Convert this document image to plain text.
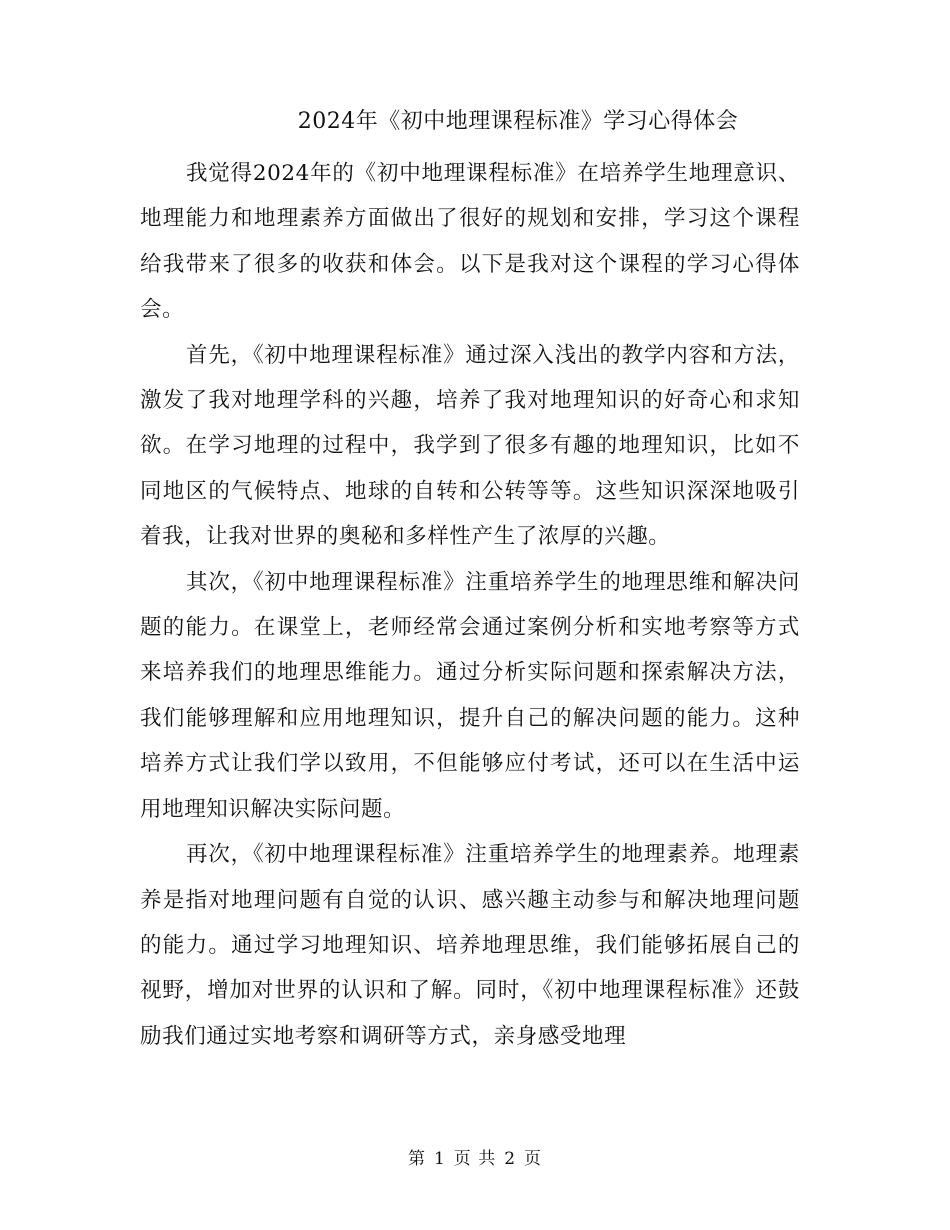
2024年《初中地理课程标准》学习心得体会

我觉得2024年的《初中地理课程标准》在培养学生地理意识、地理能力和地理素养方面做出了很好的规划和安排，学习这个课程给我带来了很多的收获和体会。以下是我对这个课程的学习心得体会。

首先，《初中地理课程标准》通过深入浅出的教学内容和方法，激发了我对地理学科的兴趣，培养了我对地理知识的好奇心和求知欲。在学习地理的过程中，我学到了很多有趣的地理知识，比如不同地区的气候特点、地球的自转和公转等等。这些知识深深地吸引着我，让我对世界的奥秘和多样性产生了浓厚的兴趣。

其次，《初中地理课程标准》注重培养学生的地理思维和解决问题的能力。在课堂上，老师经常会通过案例分析和实地考察等方式来培养我们的地理思维能力。通过分析实际问题和探索解决方法，我们能够理解和应用地理知识，提升自己的解决问题的能力。这种培养方式让我们学以致用，不但能够应付考试，还可以在生活中运用地理知识解决实际问题。

再次，《初中地理课程标准》注重培养学生的地理素养。地理素养是指对地理问题有自觉的认识、感兴趣主动参与和解决地理问题的能力。通过学习地理知识、培养地理思维，我们能够拓展自己的视野，增加对世界的认识和了解。同时，《初中地理课程标准》还鼓励我们通过实地考察和调研等方式，亲身感受地理

第 1 页 共 2 页
